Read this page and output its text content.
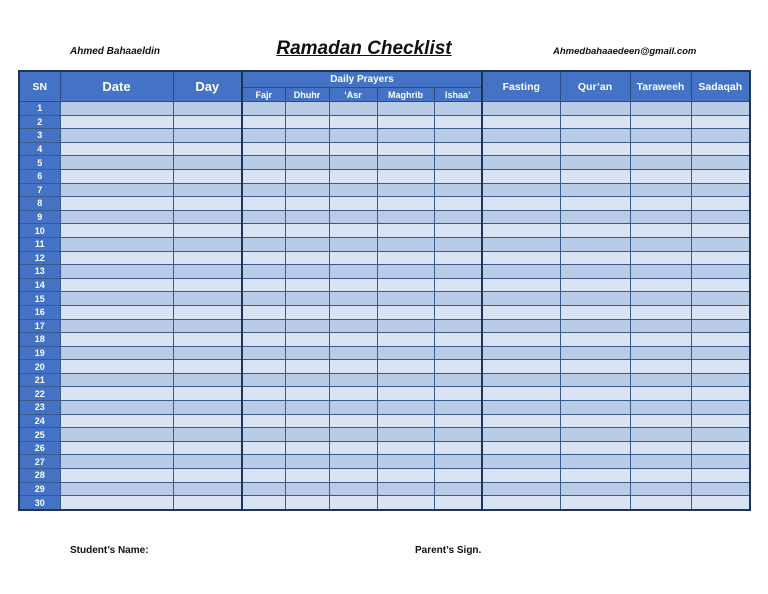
Ahmed Bahaaeldin	Ramadan Checklist	Ahmedbahaaedeen@gmail.com
SN	Date	Day	Daily Prayers					Fasting	Qur’an	Taraweeh	Sadaqah
			Fajr	Dhuhr	‘Asr	Maghrib	Ishaa’				
1											
2											
3											
4											
5											
6											
7											
8											
9											
10											
11											
12											
13											
14											
15											
16											
17											
18											
19											
20											
21											
22											
23											
24											
25											
26											
27											
28											
29											
30											
Student’s Name:	Parent’s Sign.
